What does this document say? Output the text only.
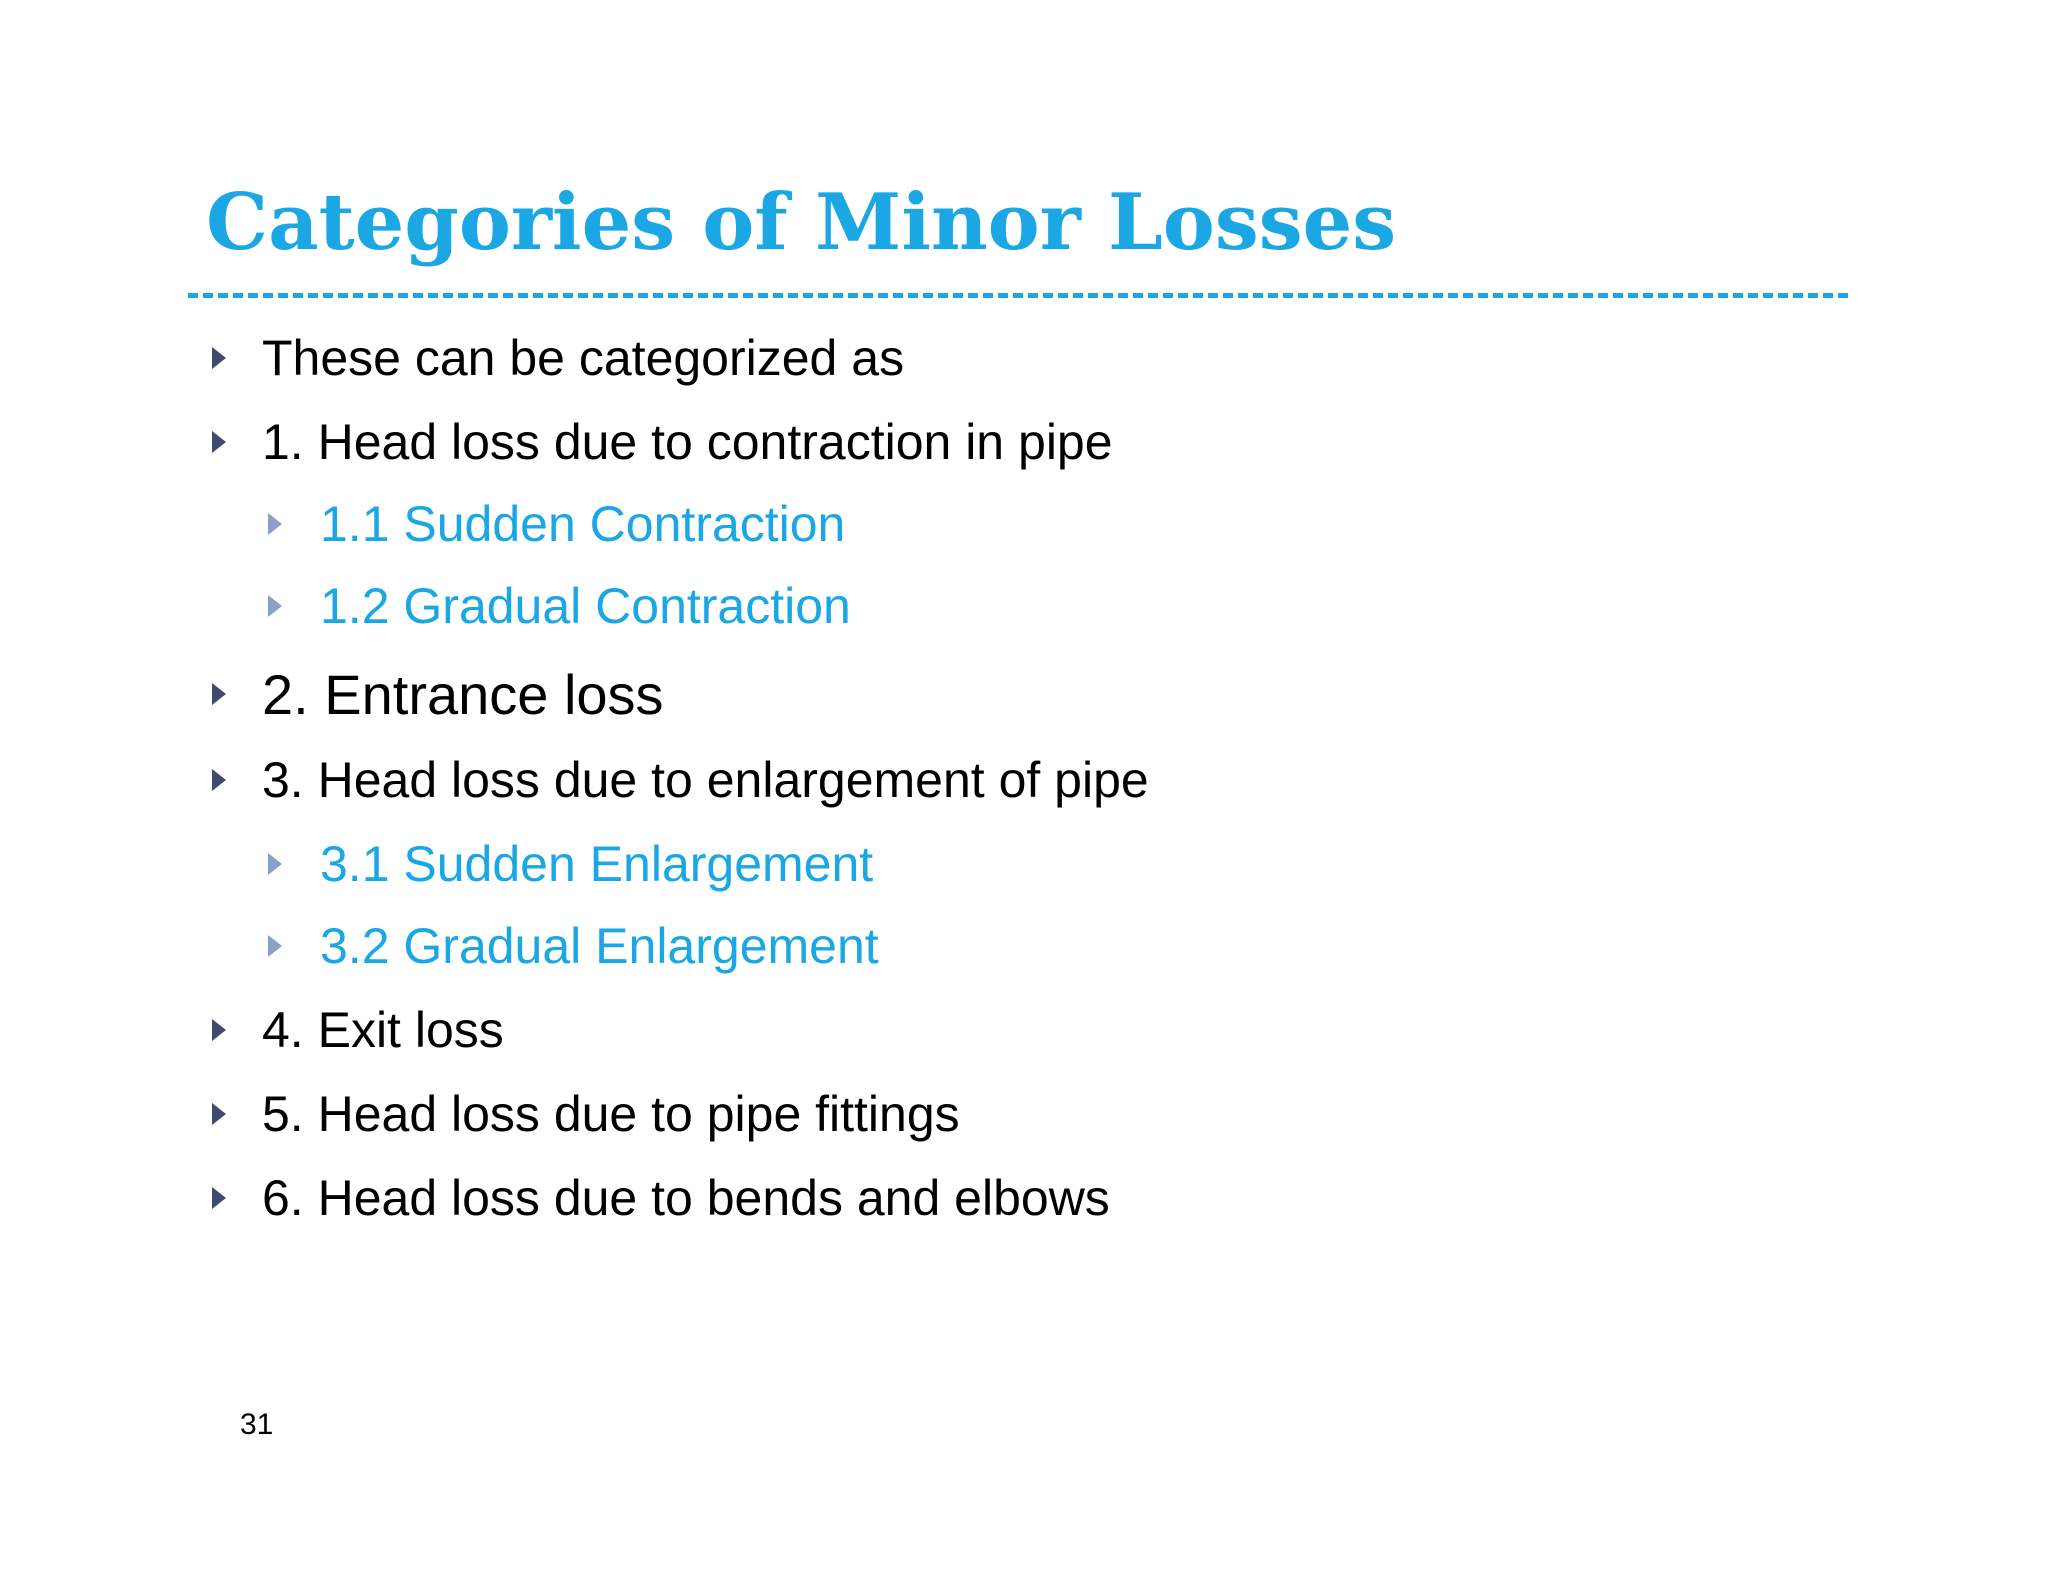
Categories of Minor Losses
These can be categorized as
1. Head loss due to contraction in pipe
1.1 Sudden Contraction
1.2 Gradual Contraction
2. Entrance loss
3. Head loss due to enlargement of pipe
3.1 Sudden Enlargement
3.2 Gradual Enlargement
4. Exit loss
5. Head loss due to pipe fittings
6. Head loss due to bends and elbows
31
